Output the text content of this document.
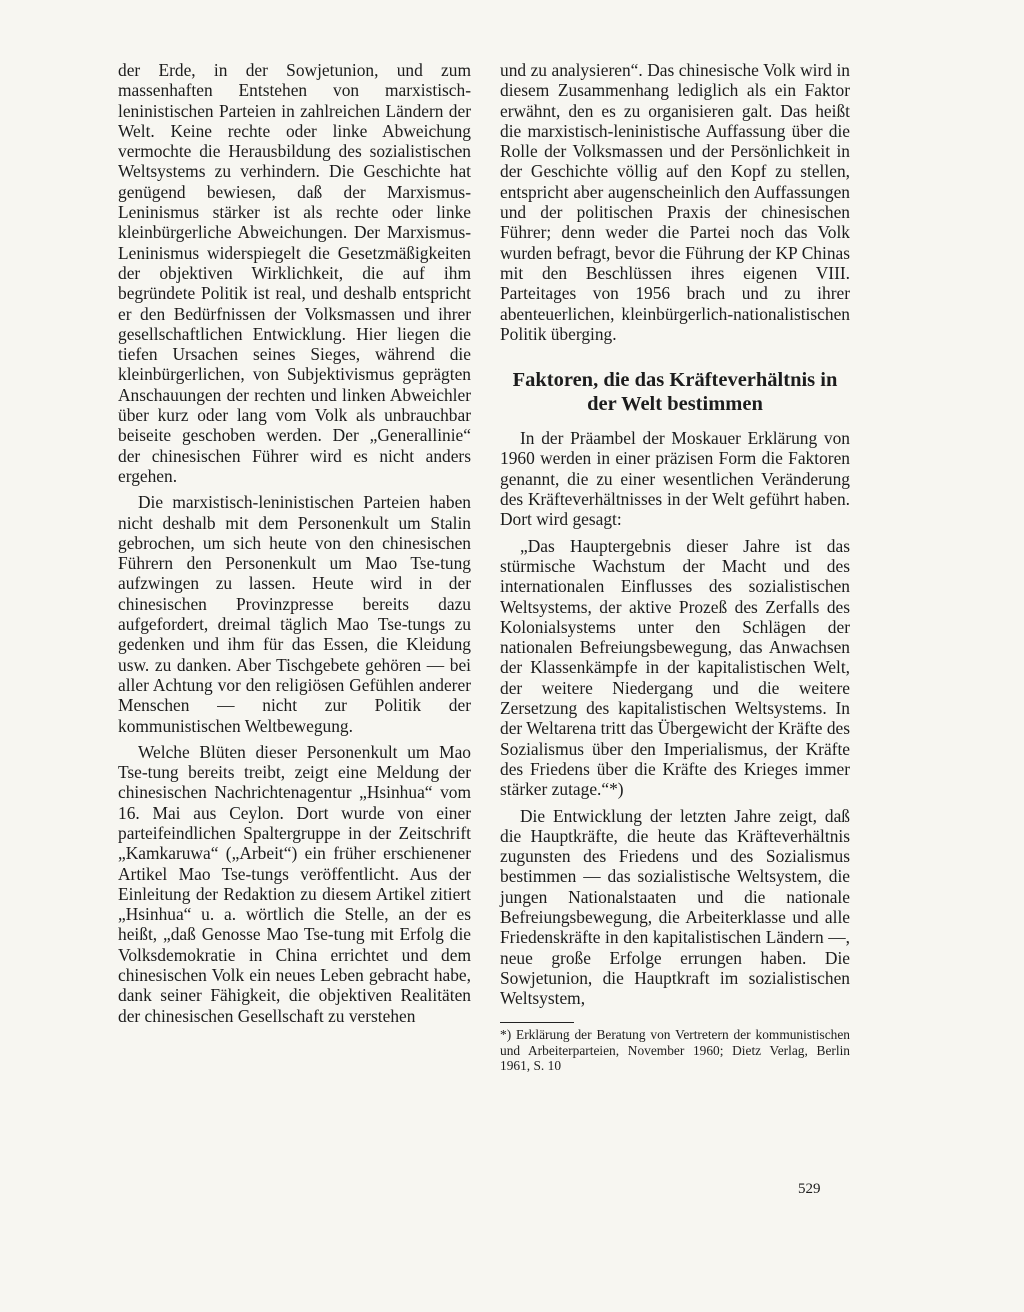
der Erde, in der Sowjetunion, und zum massenhaften Entstehen von marxistisch-leninistischen Parteien in zahlreichen Ländern der Welt. Keine rechte oder linke Abweichung vermochte die Herausbildung des sozialistischen Weltsystems zu verhindern. Die Geschichte hat genügend bewiesen, daß der Marxismus-Leninismus stärker ist als rechte oder linke kleinbürgerliche Abweichungen. Der Marxismus-Leninismus widerspiegelt die Gesetzmäßigkeiten der objektiven Wirklichkeit, die auf ihm begründete Politik ist real, und deshalb entspricht er den Bedürfnissen der Volksmassen und ihrer gesellschaftlichen Entwicklung. Hier liegen die tiefen Ursachen seines Sieges, während die kleinbürgerlichen, von Subjektivismus geprägten Anschauungen der rechten und linken Abweichler über kurz oder lang vom Volk als unbrauchbar beiseite geschoben werden. Der „Generallinie“ der chinesischen Führer wird es nicht anders ergehen.

Die marxistisch-leninistischen Parteien haben nicht deshalb mit dem Personenkult um Stalin gebrochen, um sich heute von den chinesischen Führern den Personenkult um Mao Tse-tung aufzwingen zu lassen. Heute wird in der chinesischen Provinzpresse bereits dazu aufgefordert, dreimal täglich Mao Tse-tungs zu gedenken und ihm für das Essen, die Kleidung usw. zu danken. Aber Tischgebete gehören — bei aller Achtung vor den religiösen Gefühlen anderer Menschen — nicht zur Politik der kommunistischen Weltbewegung.

Welche Blüten dieser Personenkult um Mao Tse-tung bereits treibt, zeigt eine Meldung der chinesischen Nachrichtenagentur „Hsinhua“ vom 16. Mai aus Ceylon. Dort wurde von einer parteifeindlichen Spaltergruppe in der Zeitschrift „Kamkaruwa“ („Arbeit“) ein früher erschienener Artikel Mao Tse-tungs veröffentlicht. Aus der Einleitung der Redaktion zu diesem Artikel zitiert „Hsinhua“ u. a. wörtlich die Stelle, an der es heißt, „daß Genosse Mao Tse-tung mit Erfolg die Volksdemokratie in China errichtet und dem chinesischen Volk ein neues Leben gebracht habe, dank seiner Fähigkeit, die objektiven Realitäten der chinesischen Gesellschaft zu verstehen

und zu analysieren“. Das chinesische Volk wird in diesem Zusammenhang lediglich als ein Faktor erwähnt, den es zu organisieren galt. Das heißt die marxistisch-leninistische Auffassung über die Rolle der Volksmassen und der Persönlichkeit in der Geschichte völlig auf den Kopf zu stellen, entspricht aber augenscheinlich den Auffassungen und der politischen Praxis der chinesischen Führer; denn weder die Partei noch das Volk wurden befragt, bevor die Führung der KP Chinas mit den Beschlüssen ihres eigenen VIII. Parteitages von 1956 brach und zu ihrer abenteuerlichen, kleinbürgerlich-nationalistischen Politik überging.

Faktoren, die das Kräfteverhältnis in der Welt bestimmen

In der Präambel der Moskauer Erklärung von 1960 werden in einer präzisen Form die Faktoren genannt, die zu einer wesentlichen Veränderung des Kräfteverhältnisses in der Welt geführt haben. Dort wird gesagt:

„Das Hauptergebnis dieser Jahre ist das stürmische Wachstum der Macht und des internationalen Einflusses des sozialistischen Weltsystems, der aktive Prozeß des Zerfalls des Kolonialsystems unter den Schlägen der nationalen Befreiungsbewegung, das Anwachsen der Klassenkämpfe in der kapitalistischen Welt, der weitere Niedergang und die weitere Zersetzung des kapitalistischen Weltsystems. In der Weltarena tritt das Übergewicht der Kräfte des Sozialismus über den Imperialismus, der Kräfte des Friedens über die Kräfte des Krieges immer stärker zutage.“*)

Die Entwicklung der letzten Jahre zeigt, daß die Hauptkräfte, die heute das Kräfteverhältnis zugunsten des Friedens und des Sozialismus bestimmen — das sozialistische Weltsystem, die jungen Nationalstaaten und die nationale Befreiungsbewegung, die Arbeiterklasse und alle Friedenskräfte in den kapitalistischen Ländern —, neue große Erfolge errungen haben. Die Sowjetunion, die Hauptkraft im sozialistischen Weltsystem,

*) Erklärung der Beratung von Vertretern der kommunistischen und Arbeiterparteien, November 1960; Dietz Verlag, Berlin 1961, S. 10
529
